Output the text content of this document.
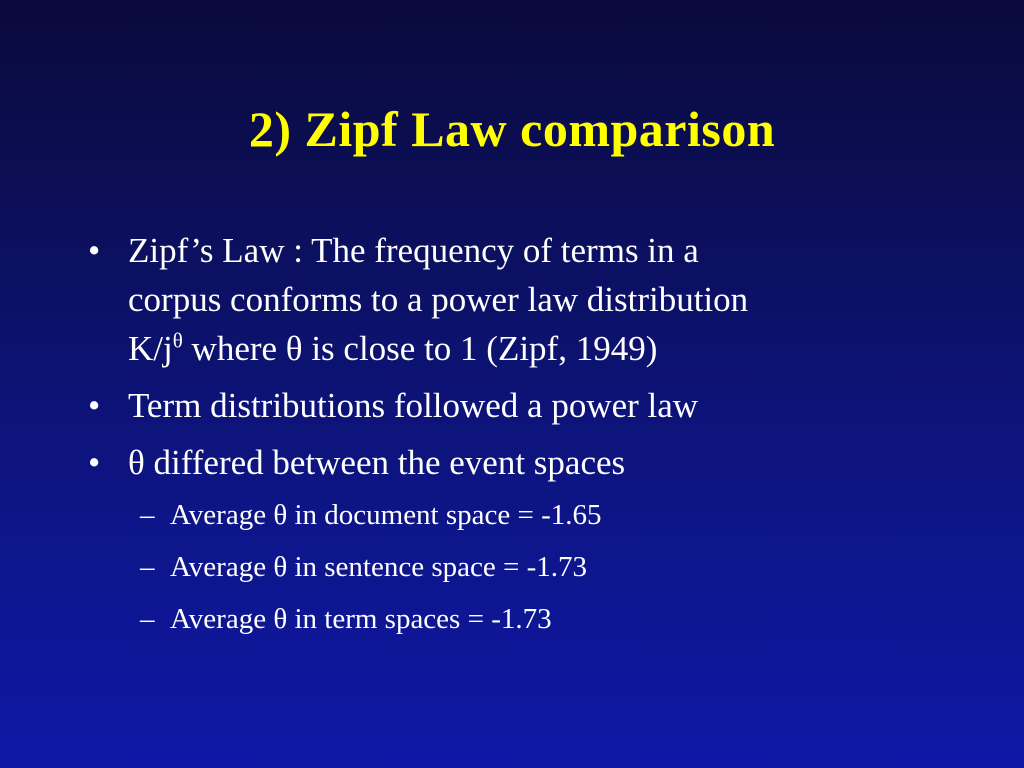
2) Zipf Law comparison
• Zipf’s Law : The frequency of terms in a
corpus conforms to a power law distribution
$K/j^\theta$ where θ is close to 1 (Zipf, 1949)
• Term distributions followed a power law
• θ differed between the event spaces
– Average θ in document space = -1.65
– Average θ in sentence space = -1.73
– Average θ in term spaces = -1.73
